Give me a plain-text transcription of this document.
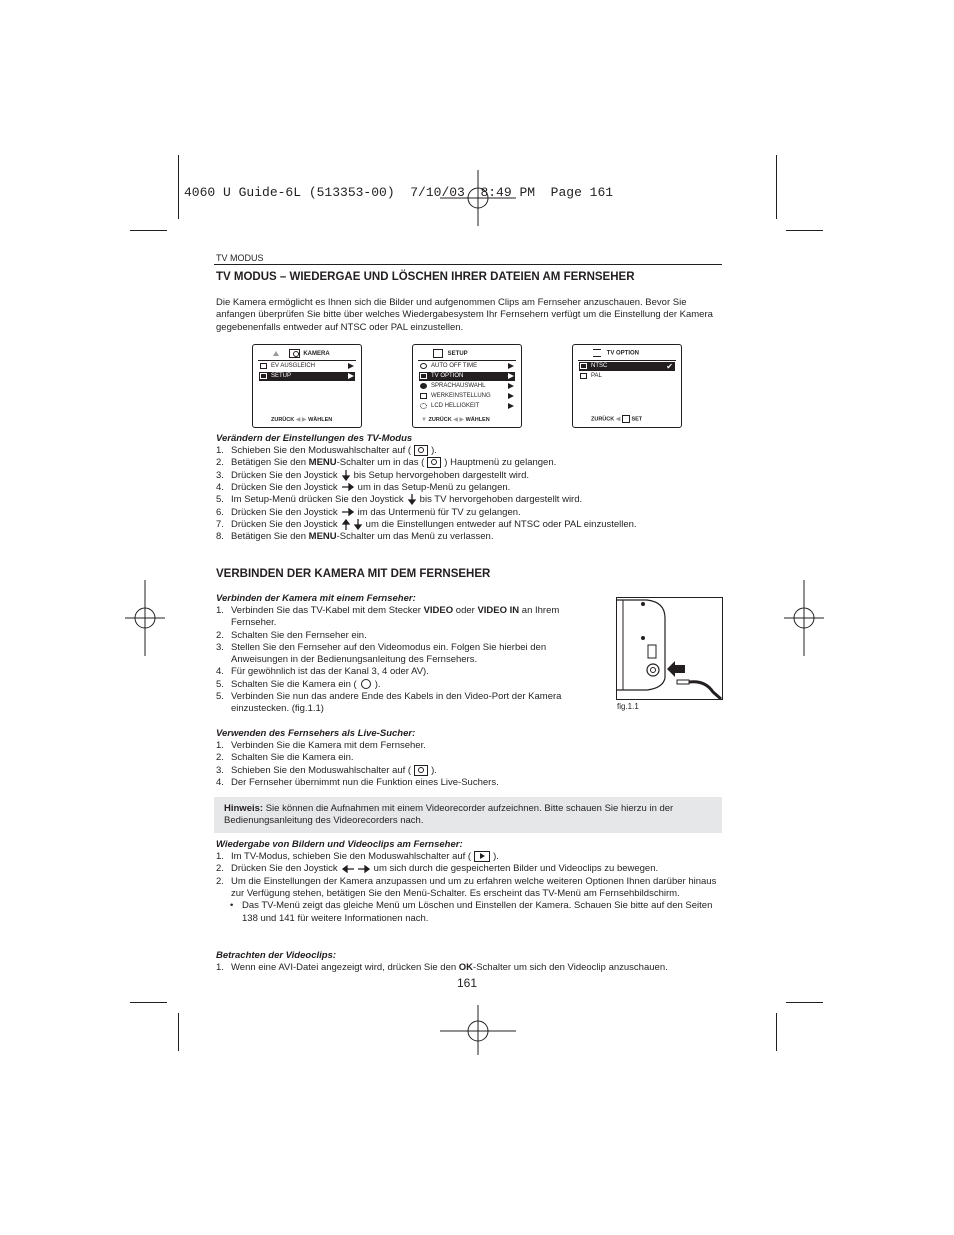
4060 U Guide-6L (513353-00)  7/10/03  8:49 PM  Page 161
TV MODUS
TV MODUS – WIEDERGAE UND LÖSCHEN IHRER DATEIEN AM FERNSEHER
Die Kamera ermöglicht es Ihnen sich die Bilder und aufgenommen Clips am Fernseher anzuschauen. Bevor Sie anfangen überprüfen Sie bitte über welches Wiedergabesystem Ihr Fernsehern verfügt um die Einstellung der Kamera gegebenenfalls entweder auf NTSC oder PAL einzustellen.
KAMERA
EV AUSGLEICH
SETUP
ZURÜCK ◀ ▶ WÄHLEN
SETUP
AUTO OFF TIME
TV OPTION
SPRACHAUSWAHL
WERKEINSTELLUNG
LCD HELLIGKEIT
▼ ZURÜCK ◀ ▶ WÄHLEN
TV OPTION
NTSC	✔
PAL
ZURÜCK ◀ SET
Verändern der Einstellungen des TV-Modus
1. Schieben Sie den Moduswahlschalter auf ( ).
2. Betätigen Sie den MENU-Schalter um in das ( ) Hauptmenü zu gelangen.
3. Drücken Sie den Joystick bis Setup hervorgehoben dargestellt wird.
4. Drücken Sie den Joystick um in das Setup-Menü zu gelangen.
5. Im Setup-Menü drücken Sie den Joystick bis TV hervorgehoben dargestellt wird.
6. Drücken Sie den Joystick im das Untermenü für TV zu gelangen.
7. Drücken Sie den Joystick	um die Einstellungen entweder auf NTSC oder PAL einzustellen.
8. Betätigen Sie den MENU-Schalter um das Menü zu verlassen.
VERBINDEN DER KAMERA MIT DEM FERNSEHER
Verbinden der Kamera mit einem Fernseher:
1. Verbinden Sie das TV-Kabel mit dem Stecker VIDEO oder VIDEO IN an Ihrem Fernseher.
2. Schalten Sie den Fernseher ein.
3. Stellen Sie den Fernseher auf den Videomodus ein. Folgen Sie hierbei den Anweisungen in der Bedienungsanleitung des Fernsehers.
4. Für gewöhnlich ist das der Kanal 3, 4 oder AV).
5. Schalten Sie die Kamera ein ( ).
5. Verbinden Sie nun das andere Ende des Kabels in den Video-Port der Kamera einzustecken. (fig.1.1)	fig.1.1
Verwenden des Fernsehers als Live-Sucher:
1. Verbinden Sie die Kamera mit dem Fernseher.
2. Schalten Sie die Kamera ein.
3. Schieben Sie den Moduswahlschalter auf ( ).
4. Der Fernseher übernimmt nun die Funktion eines Live-Suchers.
Hinweis: Sie können die Aufnahmen mit einem Videorecorder aufzeichnen. Bitte schauen Sie hierzu in der Bedienungsanleitung des Videorecorders nach.
Wiedergabe von Bildern und Videoclips am Fernseher:
1. Im TV-Modus, schieben Sie den Moduswahlschalter auf ( ).
2. Drücken Sie den Joystick	um sich durch die gespeicherten Bilder und Videoclips zu bewegen.
2. Um die Einstellungen der Kamera anzupassen und um zu erfahren welche weiteren Optionen Ihnen darüber hinaus zur Verfügung stehen, betätigen Sie den Menü-Schalter. Es erscheint das TV-Menü am Fernsehbildschirm.
• Das TV-Menü zeigt das gleiche Menü um Löschen und Einstellen der Kamera. Schauen Sie bitte auf den Seiten 138 und 141 für weitere Informationen nach.
Betrachten der Videoclips:
1. Wenn eine AVI-Datei angezeigt wird, drücken Sie den OK-Schalter um sich den Videoclip anzuschauen.
161
